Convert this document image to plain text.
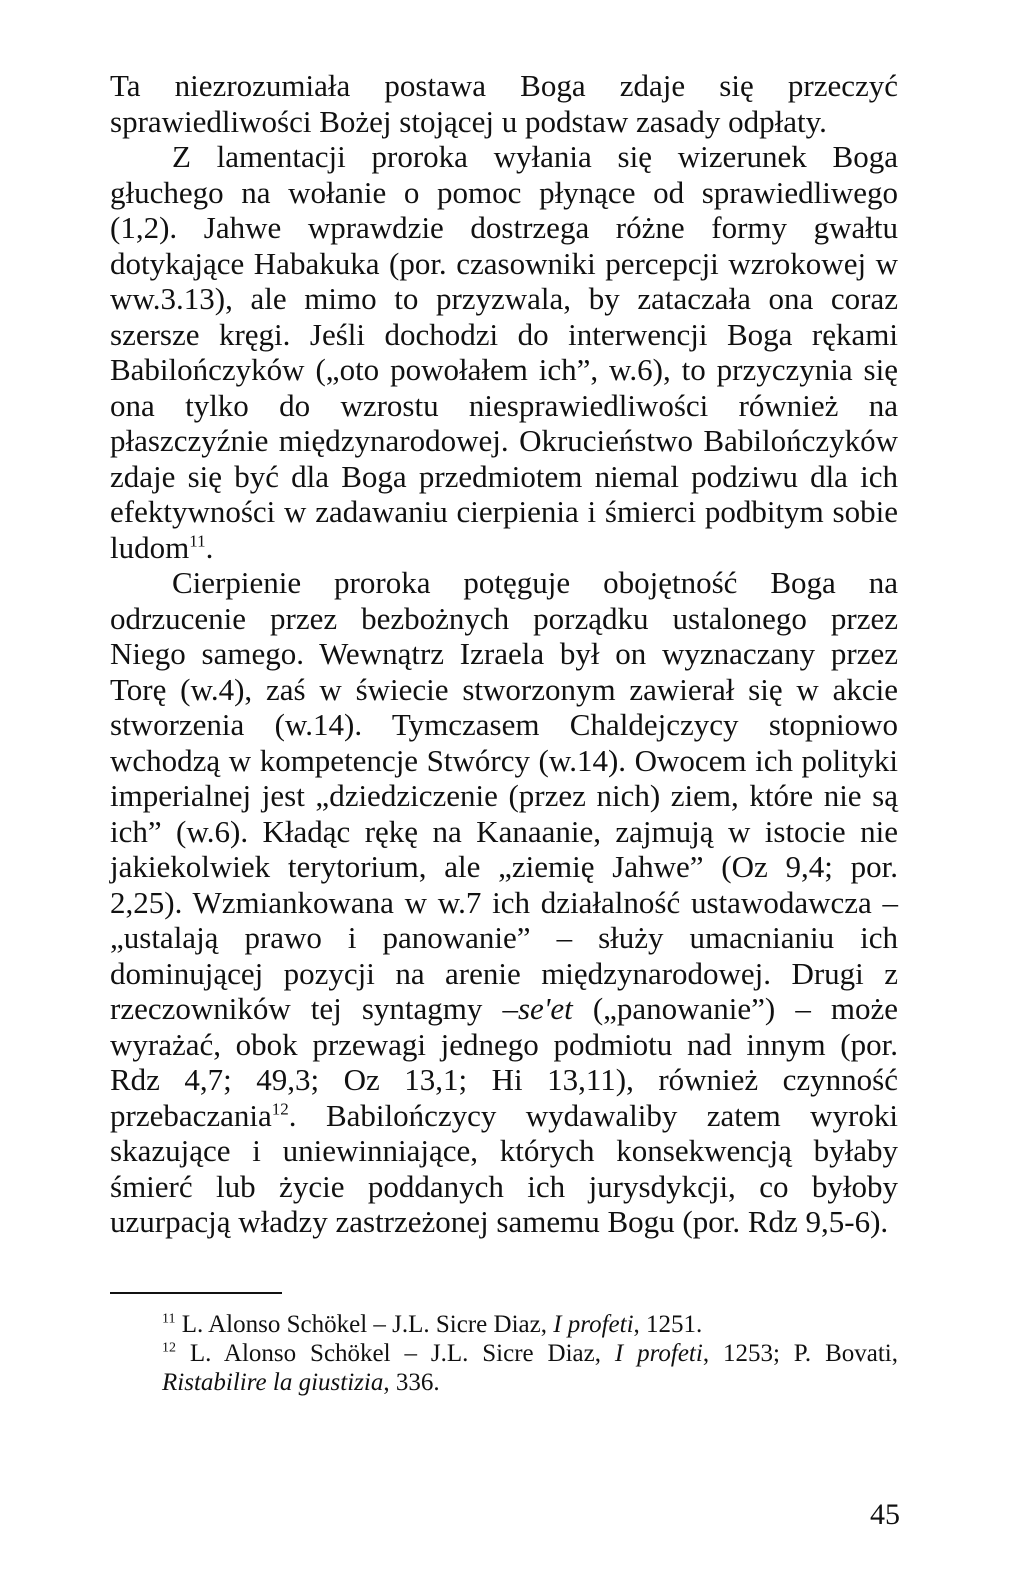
Ta niezrozumiała postawa Boga zdaje się przeczyć sprawiedliwości Bożej stojącej u podstaw zasady odpłaty.

Z lamentacji proroka wyłania się wizerunek Boga głuchego na wołanie o pomoc płynące od sprawiedliwego (1,2). Jahwe wprawdzie dostrzega różne formy gwałtu dotykające Habakuka (por. czasowniki percepcji wzrokowej w ww.3.13), ale mimo to przyzwala, by zataczała ona coraz szersze kręgi. Jeśli dochodzi do interwencji Boga rękami Babilończyków („oto powołałem ich”, w.6), to przyczynia się ona tylko do wzrostu niesprawiedliwości również na płaszczyźnie międzynarodowej. Okrucieństwo Babilończyków zdaje się być dla Boga przedmiotem niemal podziwu dla ich efektywności w zadawaniu cierpienia i śmierci podbitym sobie ludom$^{11}$.

Cierpienie proroka potęguje obojętność Boga na odrzucenie przez bezbożnych porządku ustalonego przez Niego samego. Wewnątrz Izraela był on wyznaczany przez Torę (w.4), zaś w świecie stworzonym zawierał się w akcie stworzenia (w.14). Tymczasem Chaldejczycy stopniowo wchodzą w kompetencje Stwórcy (w.14). Owocem ich polityki imperialnej jest „dziedziczenie (przez nich) ziem, które nie są ich” (w.6). Kładąc rękę na Kanaanie, zajmują w istocie nie jakiekolwiek terytorium, ale „ziemię Jahwe” (Oz 9,4; por. 2,25). Wzmiankowana w w.7 ich działalność ustawodawcza – „ustalają prawo i panowanie” – służy umacnianiu ich dominującej pozycji na arenie międzynarodowej. Drugi z rzeczowników tej syntagmy –se'et („panowanie”) – może wyrażać, obok przewagi jednego podmiotu nad innym (por. Rdz 4,7; 49,3; Oz 13,1; Hi 13,11), również czynność przebaczania$^{12}$. Babilończycy wydawaliby zatem wyroki skazujące i uniewinniające, których konsekwencją byłaby śmierć lub życie poddanych ich jurysdykcji, co byłoby uzurpacją władzy zastrzeżonej samemu Bogu (por. Rdz 9,5-6).

$^{11}$ L. Alonso Schökel – J.L. Sicre Diaz, I profeti, 1251.

$^{12}$ L. Alonso Schökel – J.L. Sicre Diaz, I profeti, 1253; P. Bovati, Ristabilire la giustizia, 336.

45
